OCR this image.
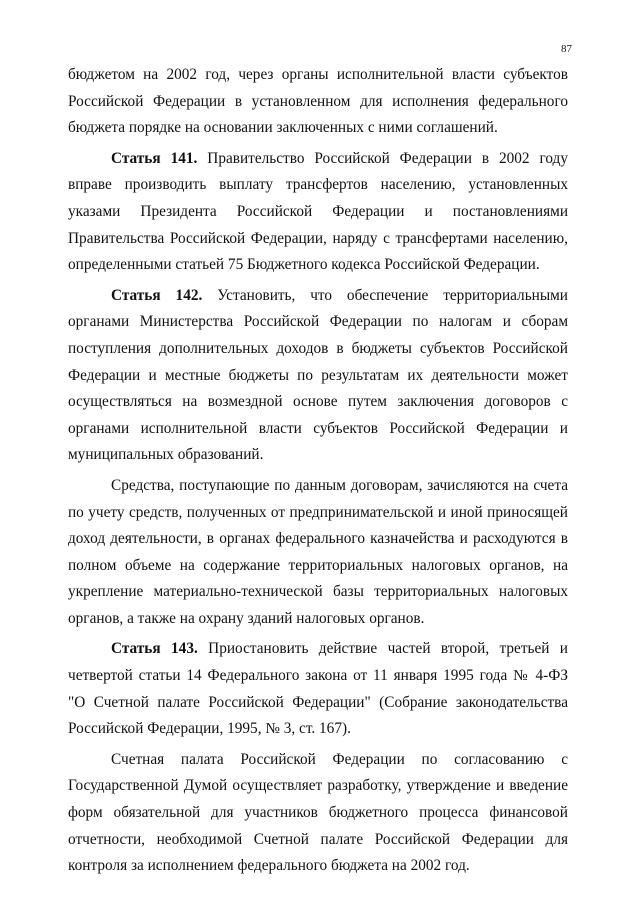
87

бюджетом на 2002 год, через органы исполнительной власти субъектов
Российской Федерации в установленном для исполнения федерального
бюджета порядке на основании заключенных с ними соглашений.

Статья 141. Правительство Российской Федерации в 2002 году
вправе производить выплату трансфертов населению, установленных
указами Президента Российской Федерации и постановлениями
Правительства Российской Федерации, наряду с трансфертами населению,
определенными статьей 75 Бюджетного кодекса Российской Федерации.

Статья 142. Установить, что обеспечение территориальными
органами Министерства Российской Федерации по налогам и сборам
поступления дополнительных доходов в бюджеты субъектов Российской
Федерации и местные бюджеты по результатам их деятельности может
осуществляться на возмездной основе путем заключения договоров с
органами исполнительной власти субъектов Российской Федерации и
муниципальных образований.

Средства, поступающие по данным договорам, зачисляются на счета
по учету средств, полученных от предпринимательской и иной приносящей
доход деятельности, в органах федерального казначейства и расходуются в
полном объеме на содержание территориальных налоговых органов, на
укрепление материально-технической базы территориальных налоговых
органов, а также на охрану зданий налоговых органов.

Статья 143. Приостановить действие частей второй, третьей и
четвертой статьи 14 Федерального закона от 11 января 1995 года № 4-ФЗ
"О Счетной палате Российской Федерации" (Собрание законодательства
Российской Федерации, 1995, № 3, ст. 167).

Счетная палата Российской Федерации по согласованию с
Государственной Думой осуществляет разработку, утверждение и введение
форм обязательной для участников бюджетного процесса финансовой
отчетности, необходимой Счетной палате Российской Федерации для
контроля за исполнением федерального бюджета на 2002 год.
